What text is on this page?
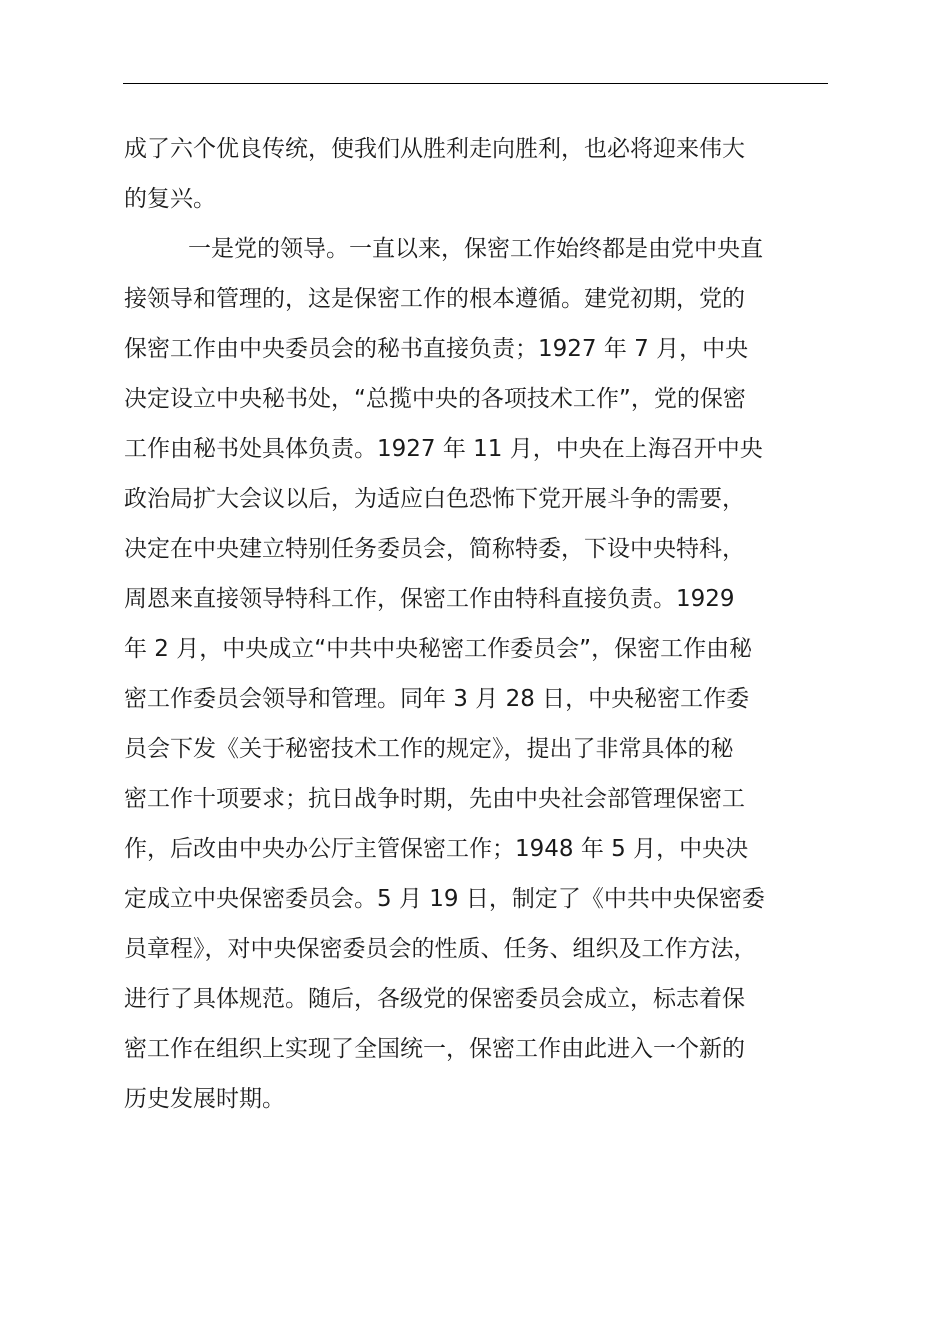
成了六个优良传统，使我们从胜利走向胜利，也必将迎来伟大
的复兴。
一是党的领导。一直以来，保密工作始终都是由党中央直
接领导和管理的，这是保密工作的根本遵循。建党初期，党的
保密工作由中央委员会的秘书直接负责；1927 年 7 月，中央
决定设立中央秘书处，“总揽中央的各项技术工作”，党的保密
工作由秘书处具体负责。1927 年 11 月，中央在上海召开中央
政治局扩大会议以后，为适应白色恐怖下党开展斗争的需要，
决定在中央建立特别任务委员会，简称特委，下设中央特科，
周恩来直接领导特科工作，保密工作由特科直接负责。1929
年 2 月，中央成立“中共中央秘密工作委员会”，保密工作由秘
密工作委员会领导和管理。同年 3 月 28 日，中央秘密工作委
员会下发《关于秘密技术工作的规定》，提出了非常具体的秘
密工作十项要求；抗日战争时期，先由中央社会部管理保密工
作，后改由中央办公厅主管保密工作；1948 年 5 月，中央决
定成立中央保密委员会。5 月 19 日，制定了《中共中央保密委
员章程》，对中央保密委员会的性质、任务、组织及工作方法，
进行了具体规范。随后，各级党的保密委员会成立，标志着保
密工作在组织上实现了全国统一，保密工作由此进入一个新的
历史发展时期。
